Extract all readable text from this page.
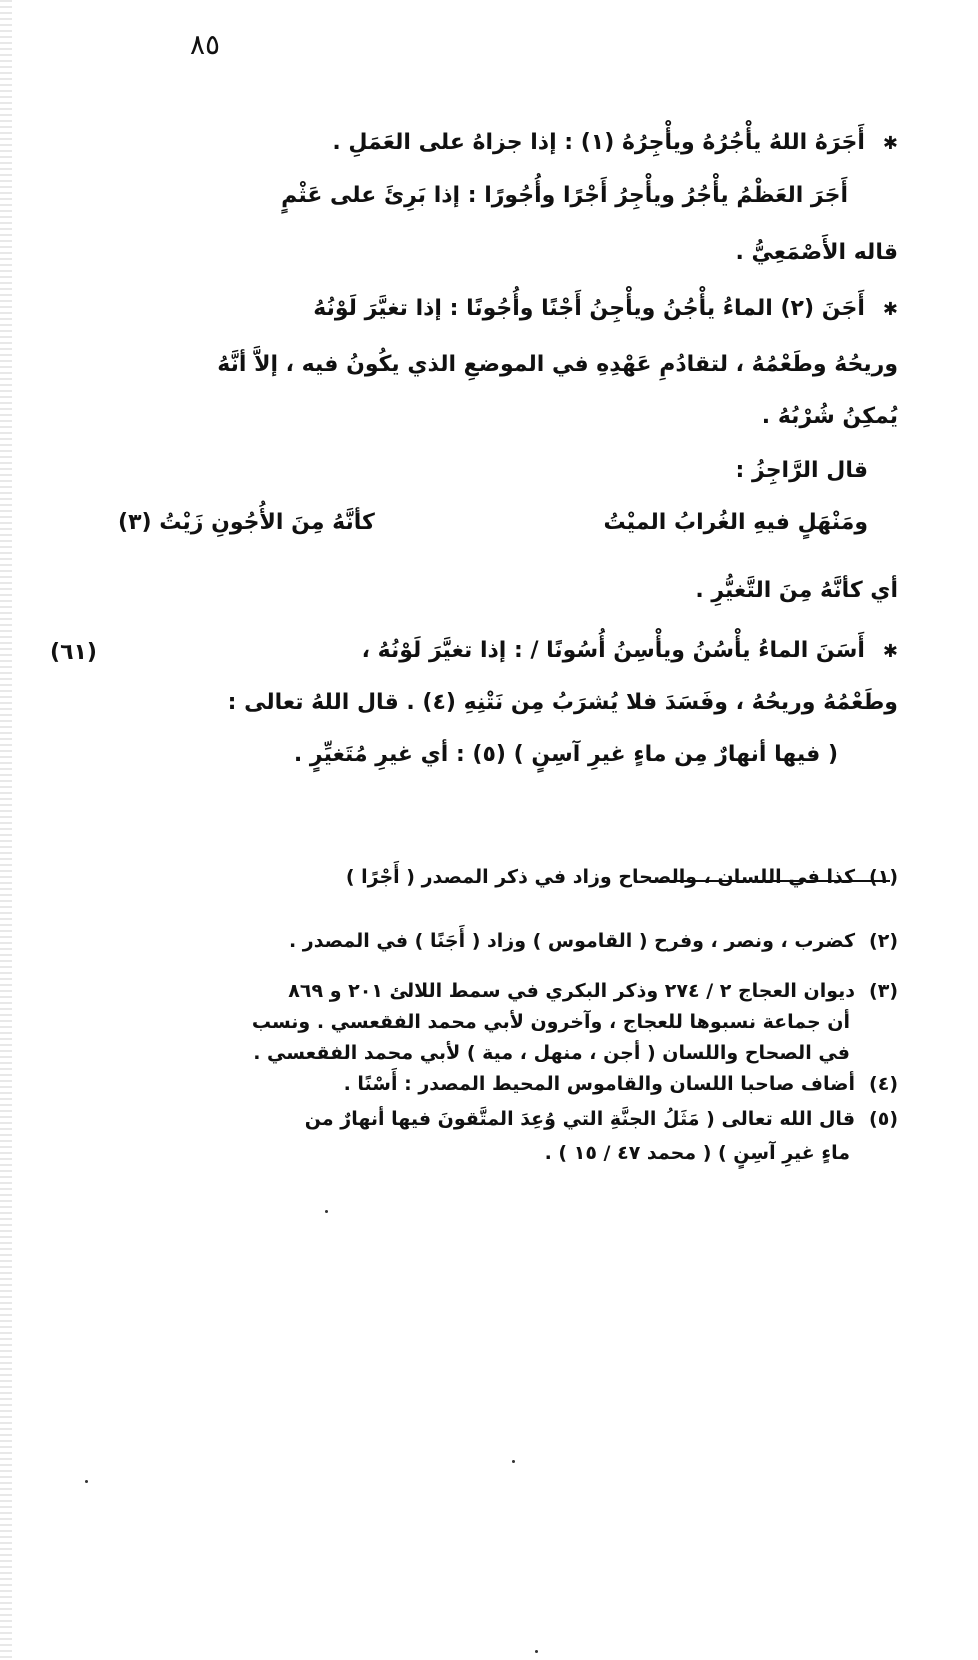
٨٥
✱أَجَرَهُ اللهُ يأْجُرُهُ ويأْجِرُهُ (١) : إذا جزاهُ على العَمَلِ .
أَجَرَ العَظْمُ يأْجُرُ ويأْجِرُ أَجْرًا وأُجُورًا : إذا بَرِئَ على عَثْمٍ
قاله الأَصْمَعِيُّ .
✱أَجَنَ (٢) الماءُ يأْجُنُ ويأْجِنُ أَجْنًا وأُجُونًا : إذا تغيَّرَ لَوْنُهُ
وريحُهُ وطَعْمُهُ ، لتقادُمِ عَهْدِهِ في الموضعِ الذي يكُونُ فيه ، إلاَّ أنَّهُ
يُمكِنُ شُرْبُهُ .
قال الرَّاجِزُ :
ومَنْهَلٍ فيهِ الغُرابُ الميْتُ
كأنَّهُ مِنَ الأُجُونِ زَيْتُ (٣)
أي كأنَّهُ مِنَ التَّغيُّرِ .
✱أَسَنَ الماءُ يأْسُنُ ويأْسِنُ أُسُونًا / : إذا تغيَّرَ لَوْنُهُ ،
(٦١)
وطَعْمُهُ وريحُهُ ، وفَسَدَ فلا يُشرَبُ مِن نَتْنِهِ (٤) . قال اللهُ تعالى :
( فيها أنهارٌ مِن ماءٍ غيرِ آسِنٍ ) (٥) : أي غيرِ مُتَغيِّرٍ .
(١)كذا في اللسان ، والصحاح وزاد في ذكر المصدر ( أَجْرًا )
(٢)كضرب ، ونصر ، وفرح ( القاموس ) وزاد ( أَجَنًا ) في المصدر .
(٣)ديوان العجاج ٢ / ٢٧٤ وذكر البكري في سمط اللالئ ٢٠١ و ٨٦٩
أن جماعة نسبوها للعجاج ، وآخرون لأبي محمد الفقعسي . ونسب
في الصحاح واللسان ( أجن ، منهل ، مية ) لأبي محمد الفقعسي .
(٤)أضاف صاحبا اللسان والقاموس المحيط المصدر : أَسْنًا .
(٥)قال الله تعالى ( مَثَلُ الجنَّةِ التي وُعِدَ المتَّقونَ فيها أنهارٌ من
ماءٍ غيرِ آسِنٍ ) ( محمد ٤٧ / ١٥ ) .
